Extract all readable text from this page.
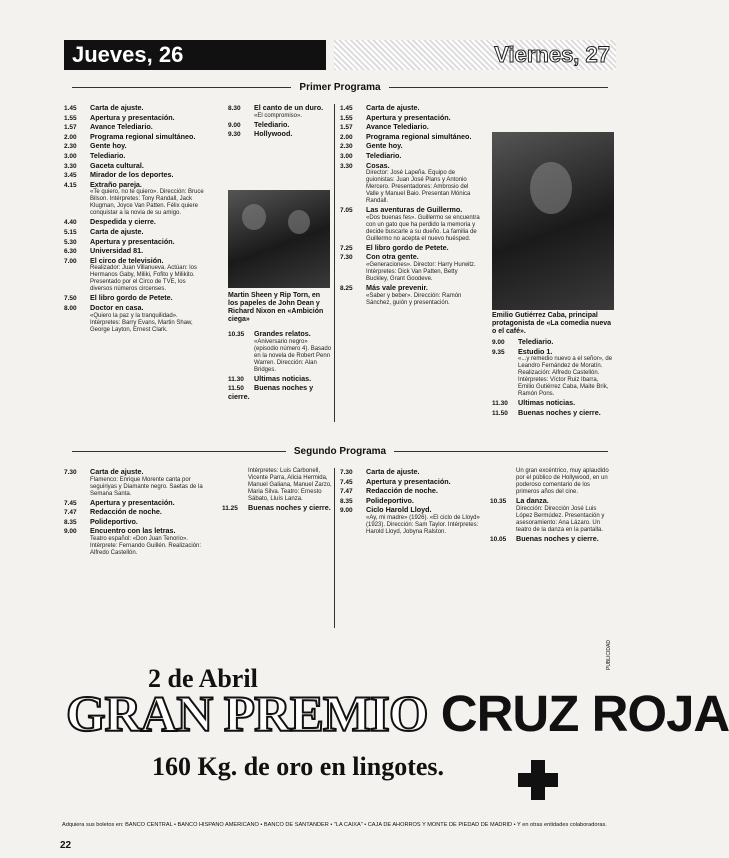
Jueves, 26	Viernes, 27
Primer Programa
1.45 Carta de ajuste.
1.55 Apertura y presentación.
1.57 Avance Telediario.
2.00 Programa regional simultáneo.
2.30 Gente hoy.
3.00 Telediario.
3.30 Gaceta cultural.
3.45 Mirador de los deportes.
4.15 Extraño pareja.
«Te quiero, no te quiero». Dirección: Bruce Bilson. Intérpretes: Tony Randall, Jack Klugman, Joyce Van Patten. Félix quiere conquistar a la novia de su amigo.
4.40 Despedida y cierre.
5.15 Carta de ajuste.
5.30 Apertura y presentación.
6.30 Universidad 81.
7.00 El circo de televisión.
Realizador: Juan Villanueva. Actúan: los Hermanos Gaby, Miliki, Fofito y Milikito. Presentado por el Circo de TVE, los diversos números circenses.
7.50 El libro gordo de Petete.
8.00 Doctor en casa.
«Quiero la paz y la tranquilidad». Intérpretes: Barry Evans, Martin Shaw, George Layton, Ernest Clark.
Martin Sheen y Rip Torn, en los papeles de John Dean y Richard Nixon en «Ambición ciega»
8.30 El canto de un duro.
«El compromiso».
9.00 Telediario.
9.30 Hollywood.
1.45 Carta de ajuste.
1.55 Apertura y presentación.
1.57 Avance Telediario.
2.00 Programa regional simultáneo.
2.30 Gente hoy.
3.00 Telediario.
3.30 Cosas.
Director: José Lapeña. Equipo de guionistas: Juan José Plans y Antonio Mercero. Presentadores: Ambrosio del Valle y Manuel Baio. Presentan Mónica Randall.
7.05 Las aventuras de Guillermo.
«Dos buenas fes». Guillermo se encuentra con un gato que ha perdido la memoria y decide buscarle a su dueño. La familia de Guillermo no acepta el nuevo huésped.
7.25 El libro gordo de Petete.
7.30 Con otra gente.
«Generaciones». Director: Harry Hurwitz. Intérpretes: Dick Van Patten, Betty Buckley, Grant Goodeve.
8.25 Más vale prevenir.
«Saber y beber». Dirección: Ramón Sánchez, guión y presentación.
Emilio Gutiérrez Caba, principal protagonista de «La comedia nueva o el café».
9.00 Telediario.
9.35 Estudio 1.
«...y remedio nuevo a el señor», de Leandro Fernández de Moratín. Realización: Alfredo Castellón. Intérpretes: Víctor Ruiz Ibarra, Emilio Gutiérrez Caba, Maite Brik, Ramón Pons.
11.30 Ultimas noticias.
11.50 Buenas noches y cierre.
Segundo Programa
7.30 Carta de ajuste.
Flamenco: Enrique Morente canta por seguiriyas y Diamante negro. Saetas de la Semana Santa.
7.45 Apertura y presentación.
7.47 Redacción de noche.
8.35 Polideportivo.
9.00 Encuentro con las letras.
Teatro español: «Don Juan Tenorio». Intérprete: Fernando Guillén. Realización: Alfredo Castellón.
Intérpretes: Luis Carbonell, Vicente Parra, Alicia Hermida, Manuel Galiana, Manuel Zarzo, Maria Silva. Teatro: Ernesto Sábato, Lluís Lanza.
11.25 Buenas noches y cierre.
7.30 Carta de ajuste.
7.45 Apertura y presentación.
7.47 Redacción de noche.
8.35 Polideportivo.
9.00 Ciclo Harold Lloyd.
«Ay, mi madre» (1926). «El ciclo de Lloyd» (1923). Dirección: Sam Taylor. Intérpretes: Harold Lloyd, Jobyna Ralston.
Un gran excéntrico, muy aplaudido por el público de Hollywood, en un poderoso comentario de los primeros años del cine.
10.35 La danza.
Dirección: Dirección José Luis López Bermúdez. Presentación y asesoramiento: Ana Lázaro. Un teatro de la danza en la pantalla.
10.05 Buenas noches y cierre.
2 de Abril
GRAN PREMIO CRUZ ROJA
160 Kg. de oro en lingotes.
Adquiera sus boletos en: BANCO CENTRAL • BANCO HISPANO AMERICANO • BANCO DE SANTANDER • "LA CAIXA" • CAJA DE AHORROS Y MONTE DE PIEDAD DE MADRID • Y en otras entidades colaboradoras.
22
PUBLICIDAD
10.35 Grandes relatos.
«Aniversario negro» (episodio número 4). Basado en la novela de Robert Penn Warren. Dirección: Alan Bridges.
11.30 Ultimas noticias.
11.50 Buenas noches y cierre.
